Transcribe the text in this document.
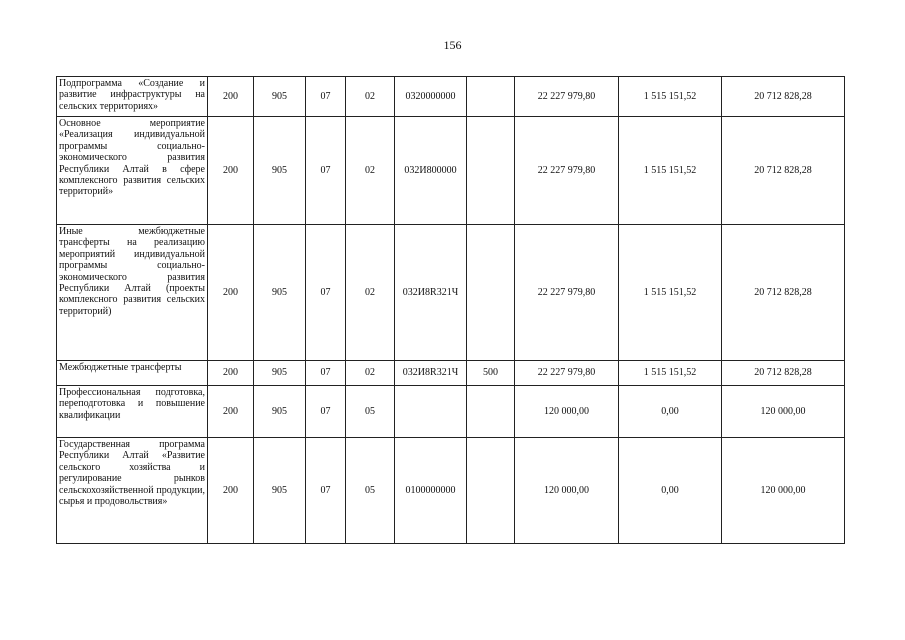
156
Подпрограмма «Создание и развитие инфраструктуры на сельских территориях»	200	905	07	02	0320000000		22 227 979,80	1 515 151,52	20 712 828,28
Основное мероприятие «Реализация индивидуальной программы социально-экономического развития Республики Алтай в сфере комплексного развития сельских территорий»	200	905	07	02	032И800000		22 227 979,80	1 515 151,52	20 712 828,28
Иные межбюджетные трансферты на реализацию мероприятий индивидуальной программы социально-экономического развития Республики Алтай (проекты комплексного развития сельских территорий)	200	905	07	02	032И8R321Ч		22 227 979,80	1 515 151,52	20 712 828,28
Межбюджетные трансферты	200	905	07	02	032И8R321Ч	500	22 227 979,80	1 515 151,52	20 712 828,28
Профессиональная подготовка, переподготовка и повышение квалификации	200	905	07	05			120 000,00	0,00	120 000,00
Государственная программа Республики Алтай «Развитие сельского хозяйства и регулирование рынков сельскохозяйственной продукции, сырья и продовольствия»	200	905	07	05	0100000000		120 000,00	0,00	120 000,00
